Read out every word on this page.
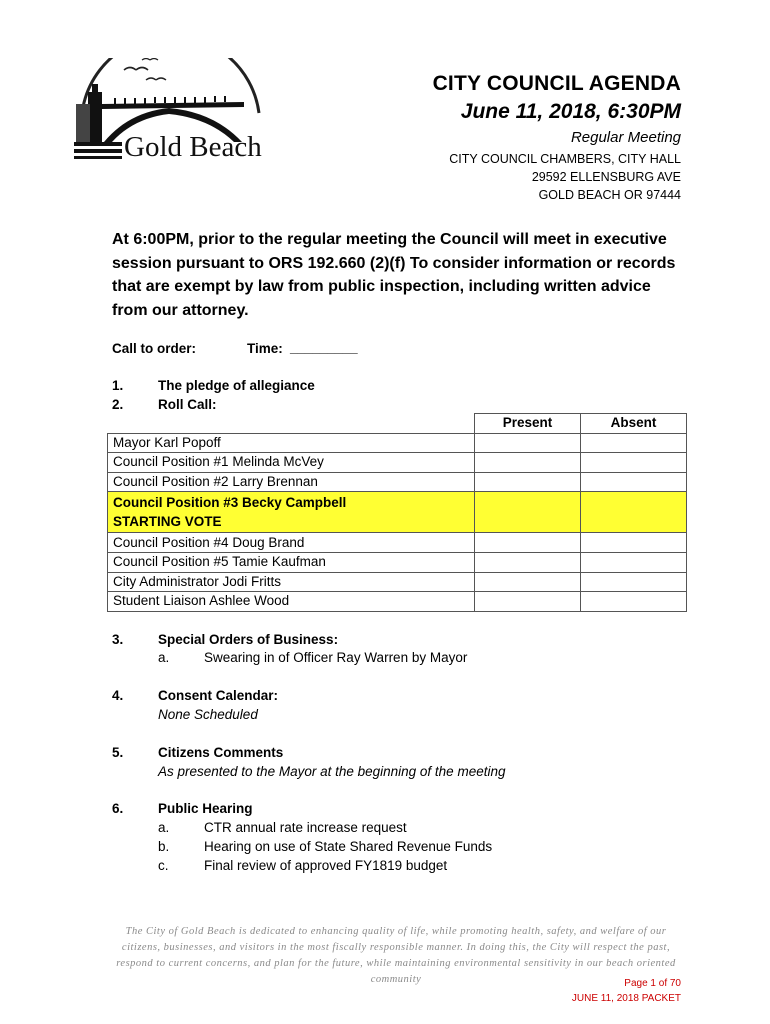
Gold Beach
CITY COUNCIL AGENDA
June 11, 2018, 6:30PM
Regular Meeting
CITY COUNCIL CHAMBERS, CITY HALL
29592 ELLENSBURG AVE
GOLD BEACH OR 97444
At 6:00PM, prior to the regular meeting the Council will meet in executive session pursuant to ORS 192.660 (2)(f) To consider information or records that are exempt by law from public inspection, including written advice from our attorney.
Call to order:	Time: _________
1.	The pledge of allegiance
2.	Roll Call:
	Present	Absent
Mayor Karl Popoff		
Council Position #1 Melinda McVey		
Council Position #2 Larry Brennan		

Council Position #3 Becky Campbell
STARTING VOTE		

Council Position #4 Doug Brand		
Council Position #5 Tamie Kaufman		
City Administrator Jodi Fritts		
Student Liaison Ashlee Wood		
3.	Special Orders of Business:
a.	Swearing in of Officer Ray Warren by Mayor
4.	Consent Calendar:
None Scheduled
5.	Citizens Comments
As presented to the Mayor at the beginning of the meeting
6.	Public Hearing
a.	CTR annual rate increase request
b.	Hearing on use of State Shared Revenue Funds
c.	Final review of approved FY1819 budget
The City of Gold Beach is dedicated to enhancing quality of life, while promoting health, safety, and welfare of our citizens, businesses, and visitors in the most fiscally responsible manner. In doing this, the City will respect the past, respond to current concerns, and plan for the future, while maintaining environmental sensitivity in our beach oriented community	Page 1 of 70
JUNE 11, 2018 PACKET
